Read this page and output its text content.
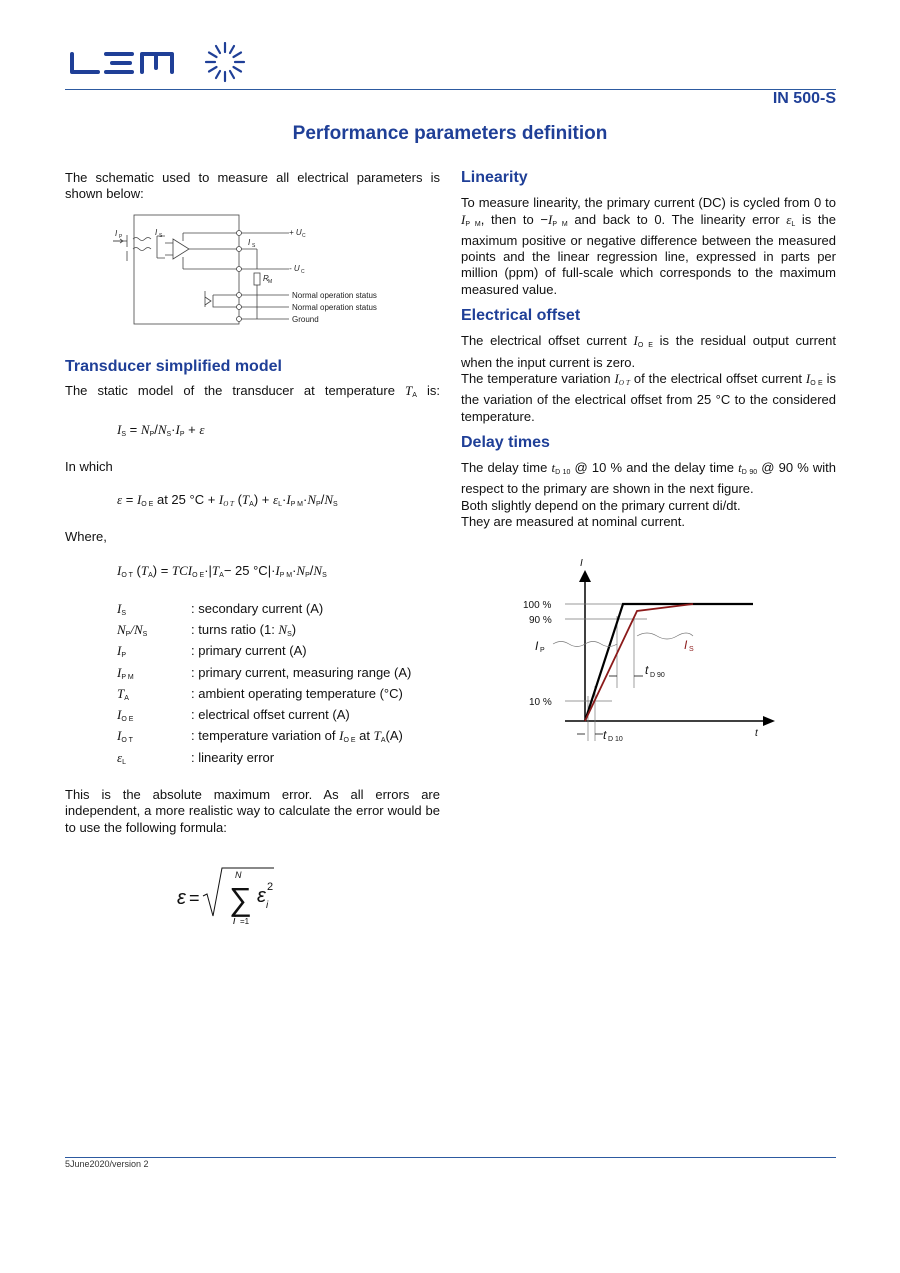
IN 500-S
Performance parameters definition

The schematic used to measure all electrical parameters is shown below:

I P	I S
I S
+ U C
- U C
R M
Normal operation status
Normal operation status
Ground
Transducer simplified model

The static model of the transducer at temperature $T_A$ is:

$I_S = N_P/N_S\cdot I_P + \varepsilon$

In which

$\varepsilon = I_{O E}$ at 25 $^\circ C + I_{O T}$ $(T_A) + \varepsilon_L\cdot I_{P M}\cdot N_P/N_S$

Where,

$I_{O T}$ $(T_A) = TCI_{O E}\cdot|T_A- 25$ $^\circ C|\cdot I_{P M}\cdot N_P/N_S$
$I_S$	: secondary current (A)
$N_P/N_S$	: turns ratio (1: $N_S$)
$I_P$	: primary current (A)
$I_{P M}$	: primary current, measuring range (A)
$T_A$	: ambient operating temperature (°C)
$I_{O E}$	: electrical offset current (A)
$I_{O T}$	: temperature variation of $I_{O E}$ at $T_A(A)$
$\varepsilon_L$	: linearity error

This is the absolute maximum error. As all errors are independent, a more realistic way to calculate the error would be to use the following formula:

ε = ∑
N
i =1
ε i
2
Linearity

To measure linearity, the primary current (DC) is cycled from 0 to $I_{P M}$, then to $-I_{P M}$ and back to 0. The linearity error $\varepsilon_L$ is the maximum positive or negative difference between the measured points and the linear regression line, expressed in parts per million (ppm) of full-scale which corresponds to the maximum measured value.

Electrical offset

The electrical offset current $I_{O E}$ is the residual output current when the input current is zero.

The temperature variation $I_{O T}$ of the electrical offset current $I_{O E}$ is the variation of the electrical offset from 25 °C to the considered temperature.

Delay times

The delay time $t_{D 10}$ @ 10 % and the delay time $t_{D 90}$ @ 90 % with respect to the primary are shown in the next figure.

Both slightly depend on the primary current di/dt.

They are measured at nominal current.

I
t
100 %
90 %
10 %
I P	I S
t D 90
t D 10
5June2020/version 2
